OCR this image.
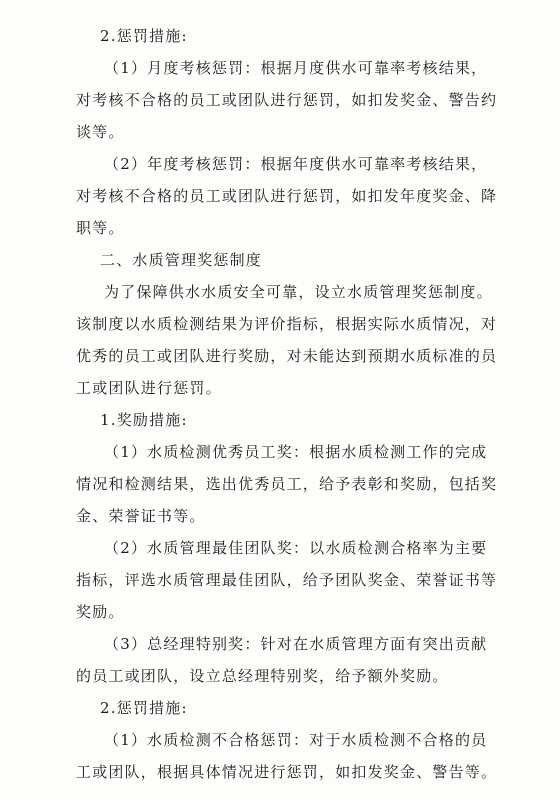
2.惩罚措施:
（1）月度考核惩罚：根据月度供水可靠率考核结果，
对考核不合格的员工或团队进行惩罚，如扣发奖金、警告约
谈等。
（2）年度考核惩罚：根据年度供水可靠率考核结果，
对考核不合格的员工或团队进行惩罚，如扣发年度奖金、降
职等。
二、水质管理奖惩制度
为了保障供水水质安全可靠，设立水质管理奖惩制度。
该制度以水质检测结果为评价指标，根据实际水质情况，对
优秀的员工或团队进行奖励，对未能达到预期水质标准的员
工或团队进行惩罚。
1.奖励措施:
（1）水质检测优秀员工奖：根据水质检测工作的完成
情况和检测结果，选出优秀员工，给予表彰和奖励，包括奖
金、荣誉证书等。
（2）水质管理最佳团队奖：以水质检测合格率为主要
指标，评选水质管理最佳团队，给予团队奖金、荣誉证书等
奖励。
（3）总经理特别奖：针对在水质管理方面有突出贡献
的员工或团队，设立总经理特别奖，给予额外奖励。
2.惩罚措施:
（1）水质检测不合格惩罚：对于水质检测不合格的员
工或团队，根据具体情况进行惩罚，如扣发奖金、警告等。
